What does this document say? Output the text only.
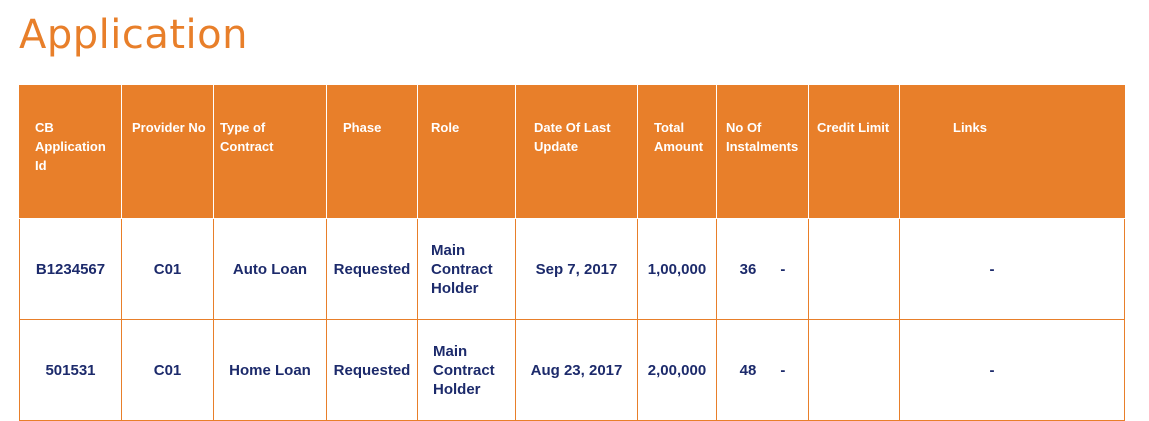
Application
CB Application Id	Provider No	Type of Contract	Phase	Role	Date Of Last Update	Total Amount	No Of Instalments	Credit Limit	Links
B1234567	C01	Auto Loan	Requested	Main Contract Holder	Sep 7, 2017	1,00,000	36 -		-
501531	C01	Home Loan	Requested	Main Contract Holder	Aug 23, 2017	2,00,000	48 -		-
